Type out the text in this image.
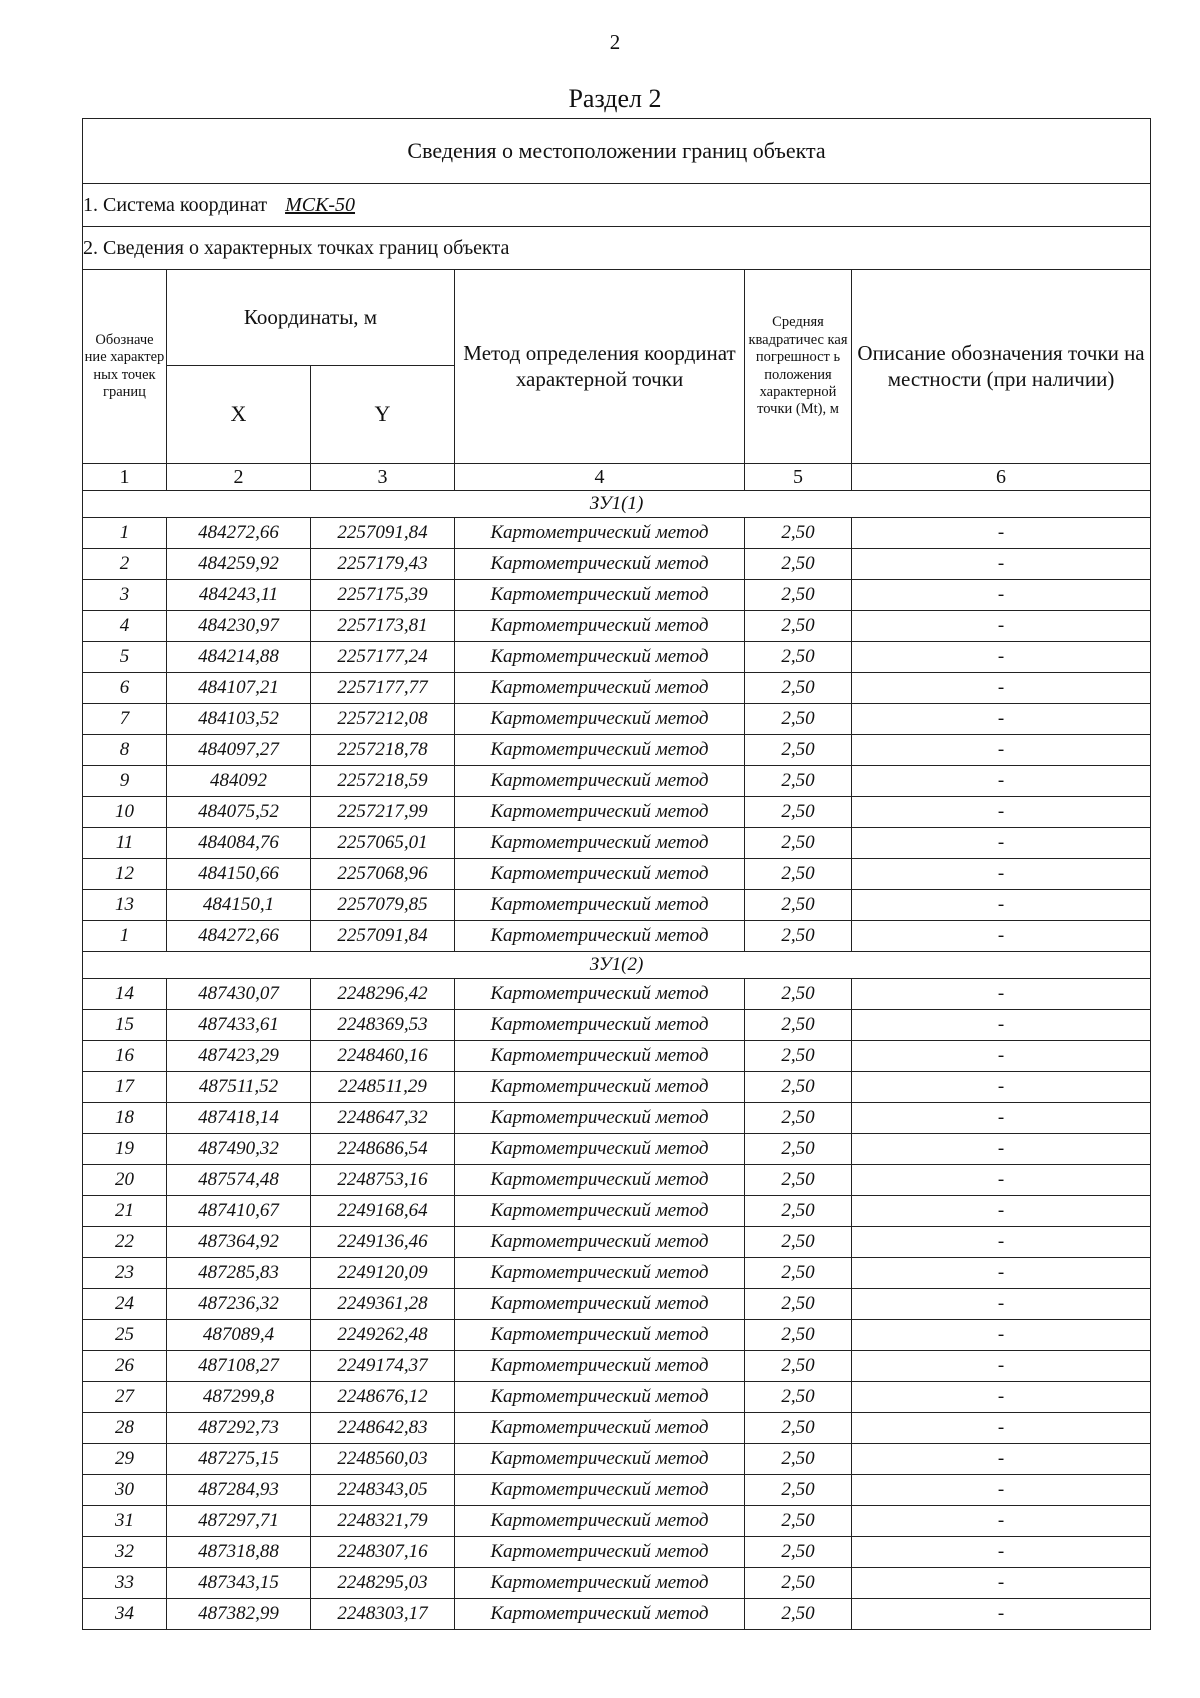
2
Раздел 2
Сведения о местоположении границ объекта					
1. Система координат МСК-50					
2. Сведения о характерных точках границ объекта					
Обозначе ние характер ных точек границ	Координаты, м		Метод определения координат характерной точки	Средняя квадратичес кая погрешност ь положения характерной точки (Mt), м	Описание обозначения точки на местности (при наличии)
	X	Y			
1	2	3	4	5	6
ЗУ1(1)					
1	484272,66	2257091,84	Картометрический метод	2,50	-
2	484259,92	2257179,43	Картометрический метод	2,50	-
3	484243,11	2257175,39	Картометрический метод	2,50	-
4	484230,97	2257173,81	Картометрический метод	2,50	-
5	484214,88	2257177,24	Картометрический метод	2,50	-
6	484107,21	2257177,77	Картометрический метод	2,50	-
7	484103,52	2257212,08	Картометрический метод	2,50	-
8	484097,27	2257218,78	Картометрический метод	2,50	-
9	484092	2257218,59	Картометрический метод	2,50	-
10	484075,52	2257217,99	Картометрический метод	2,50	-
11	484084,76	2257065,01	Картометрический метод	2,50	-
12	484150,66	2257068,96	Картометрический метод	2,50	-
13	484150,1	2257079,85	Картометрический метод	2,50	-
1	484272,66	2257091,84	Картометрический метод	2,50	-
ЗУ1(2)					
14	487430,07	2248296,42	Картометрический метод	2,50	-
15	487433,61	2248369,53	Картометрический метод	2,50	-
16	487423,29	2248460,16	Картометрический метод	2,50	-
17	487511,52	2248511,29	Картометрический метод	2,50	-
18	487418,14	2248647,32	Картометрический метод	2,50	-
19	487490,32	2248686,54	Картометрический метод	2,50	-
20	487574,48	2248753,16	Картометрический метод	2,50	-
21	487410,67	2249168,64	Картометрический метод	2,50	-
22	487364,92	2249136,46	Картометрический метод	2,50	-
23	487285,83	2249120,09	Картометрический метод	2,50	-
24	487236,32	2249361,28	Картометрический метод	2,50	-
25	487089,4	2249262,48	Картометрический метод	2,50	-
26	487108,27	2249174,37	Картометрический метод	2,50	-
27	487299,8	2248676,12	Картометрический метод	2,50	-
28	487292,73	2248642,83	Картометрический метод	2,50	-
29	487275,15	2248560,03	Картометрический метод	2,50	-
30	487284,93	2248343,05	Картометрический метод	2,50	-
31	487297,71	2248321,79	Картометрический метод	2,50	-
32	487318,88	2248307,16	Картометрический метод	2,50	-
33	487343,15	2248295,03	Картометрический метод	2,50	-
34	487382,99	2248303,17	Картометрический метод	2,50	-
